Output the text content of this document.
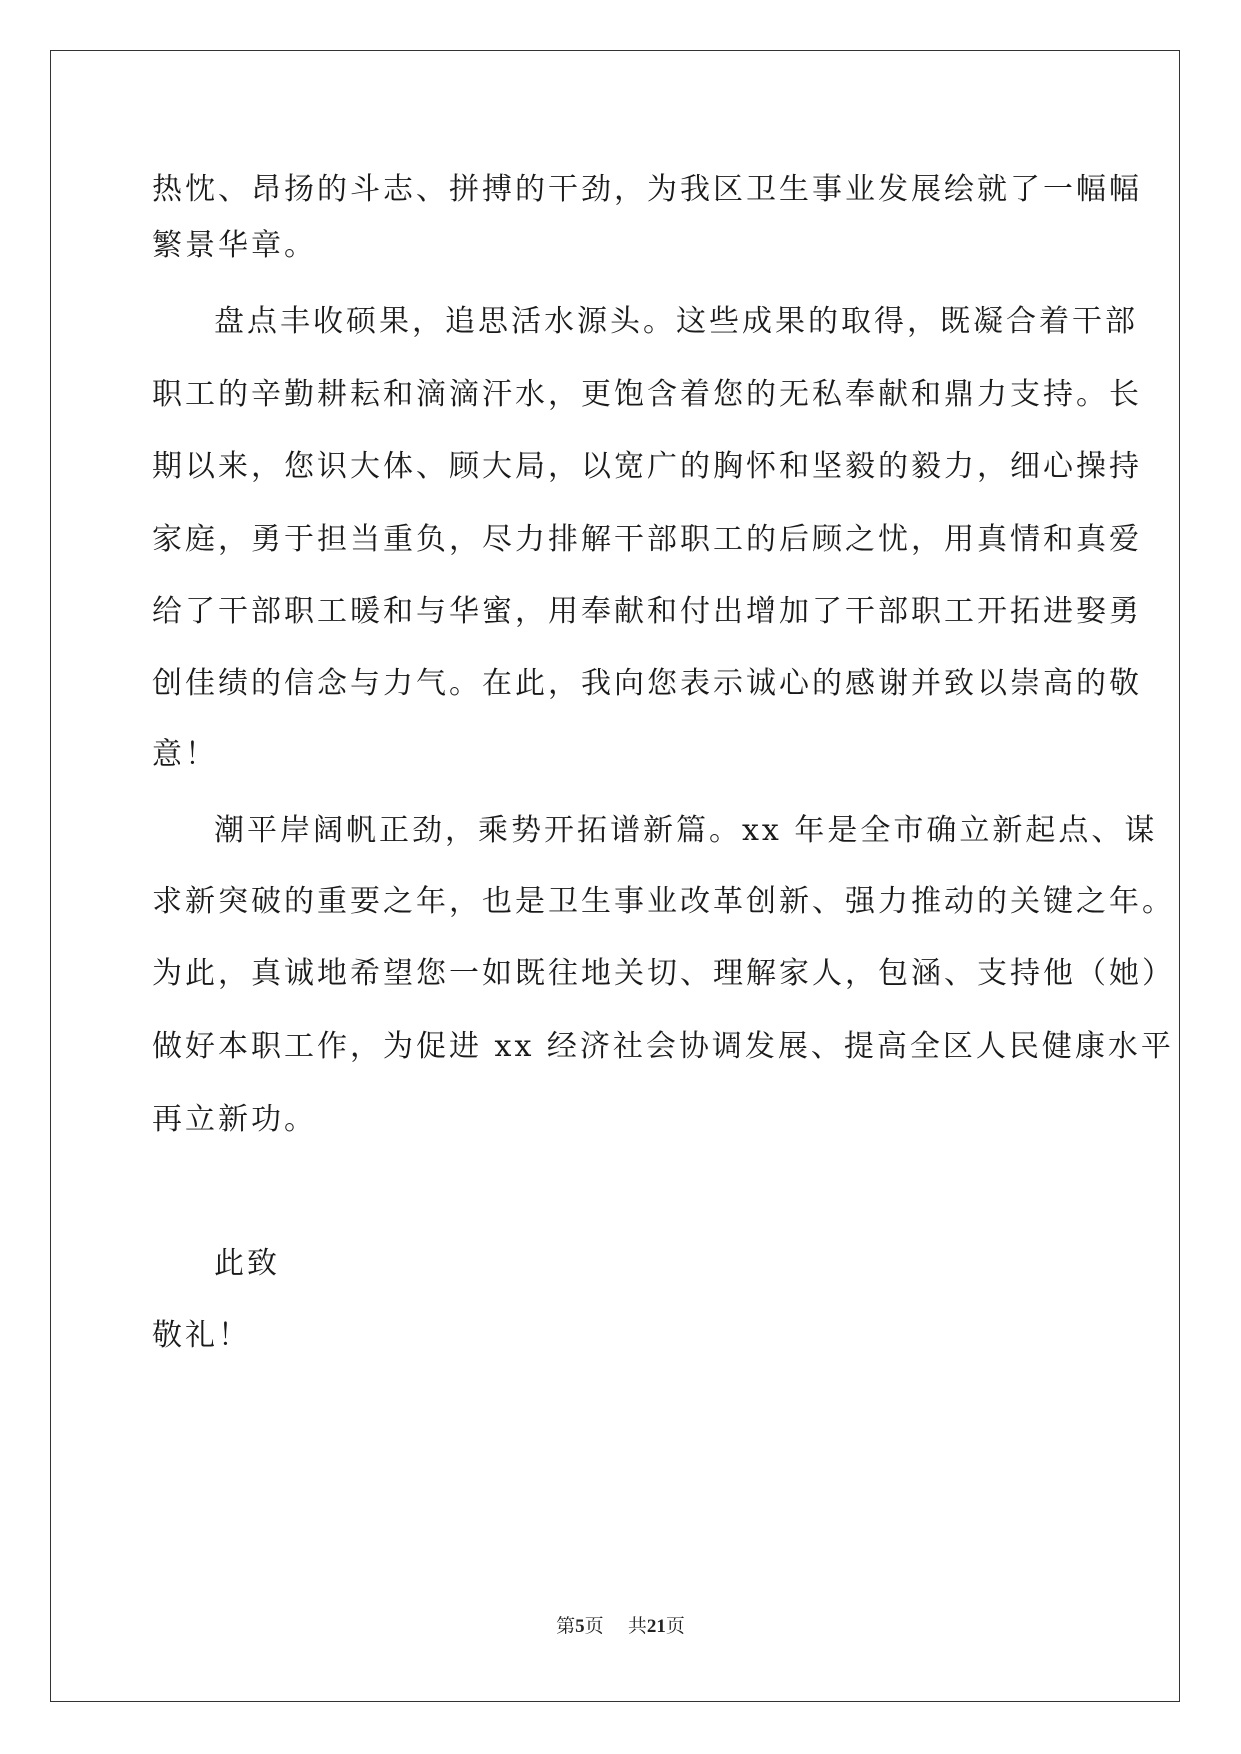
热忱、昂扬的斗志、拼搏的干劲，为我区卫生事业发展绘就了一幅幅
繁景华章。
盘点丰收硕果，追思活水源头。这些成果的取得，既凝合着干部
职工的辛勤耕耘和滴滴汗水，更饱含着您的无私奉献和鼎力支持。长
期以来，您识大体、顾大局，以宽广的胸怀和坚毅的毅力，细心操持
家庭，勇于担当重负，尽力排解干部职工的后顾之忧，用真情和真爱
给了干部职工暖和与华蜜，用奉献和付出增加了干部职工开拓进娶勇
创佳绩的信念与力气。在此，我向您表示诚心的感谢并致以崇高的敬
意！
潮平岸阔帆正劲，乘势开拓谱新篇。xx 年是全市确立新起点、谋
求新突破的重要之年，也是卫生事业改革创新、强力推动的关键之年。
为此，真诚地希望您一如既往地关切、理解家人，包涵、支持他（她）
做好本职工作，为促进 xx 经济社会协调发展、提高全区人民健康水平
再立新功。
此致
敬礼！
第5页 共21页
